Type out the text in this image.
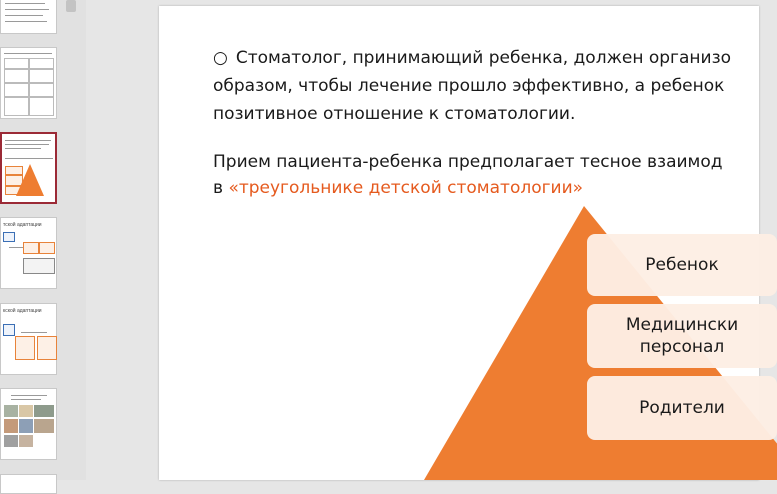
тской адаптации
кской адаптации
○ Стоматолог, принимающий ребенка, должен организо
образом, чтобы лечение прошло эффективно, а ребенок
позитивное отношение к стоматологии.
Прием пациента-ребенка предполагает тесное взаимод
в «треугольнике детской стоматологии»
Ребенок
Медицински
персонал
Родители
